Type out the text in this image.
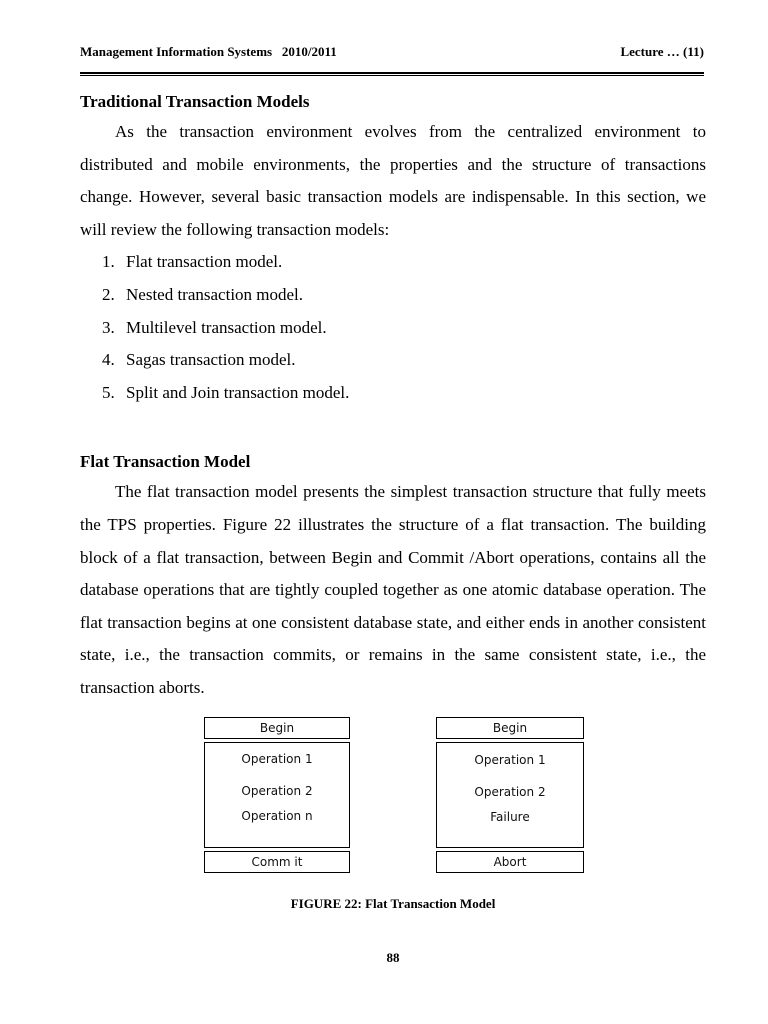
Management Information Systems   2010/2011	Lecture … (11)
Traditional Transaction Models

As the transaction environment evolves from the centralized environment to distributed and mobile environments, the properties and the structure of transactions change. However, several basic transaction models are indispensable. In this section, we will review the following transaction models:

1. Flat transaction model.
2. Nested transaction model.
3. Multilevel transaction model.
4. Sagas transaction model.
5. Split and Join transaction model.
Flat Transaction Model

The flat transaction model presents the simplest transaction structure that fully meets the TPS properties. Figure 22 illustrates the structure of a flat transaction. The building block of a flat transaction, between Begin and Commit /Abort operations, contains all the database operations that are tightly coupled together as one atomic database operation. The flat transaction begins at one consistent database state, and either ends in another consistent state, i.e., the transaction commits, or remains in the same consistent state, i.e., the transaction aborts.

Begin
Operation 1
Operation 2
Operation n
Comm it
Begin
Operation 1
Operation 2
Failure
Abort
FIGURE 22: Flat Transaction Model
88
